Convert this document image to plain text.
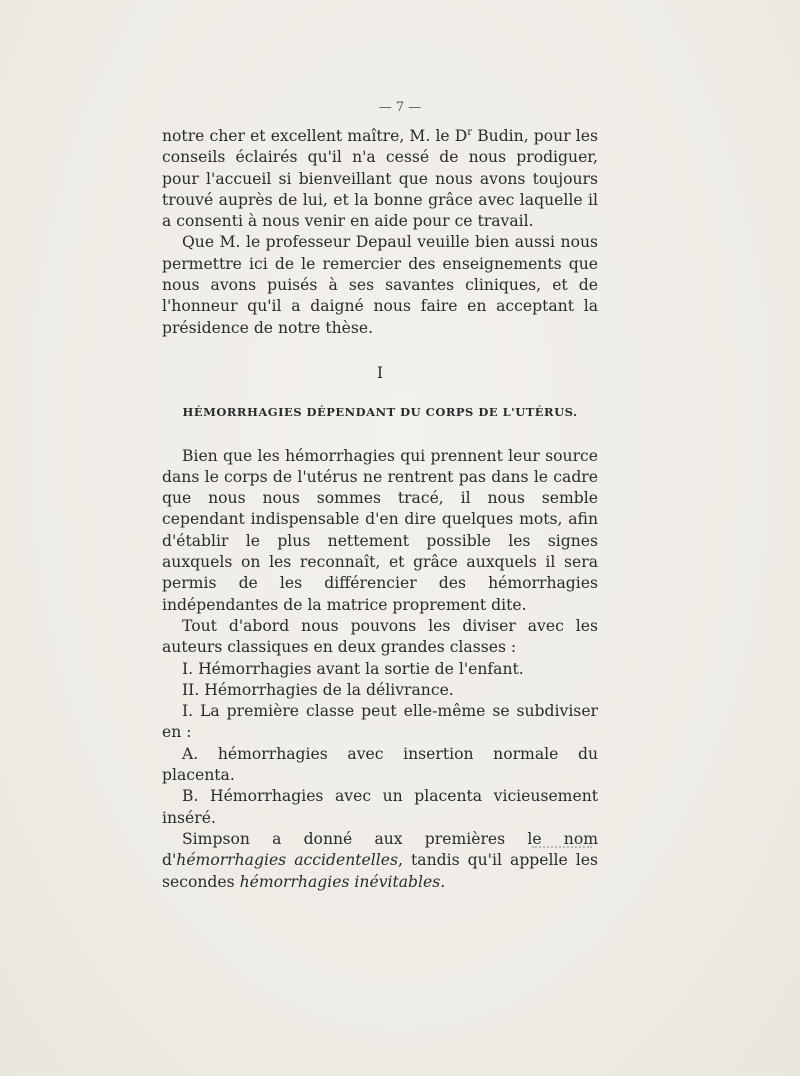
— 7 —

notre cher et excellent maître, M. le $D^r$ Budin, pour les conseils éclairés qu'il n'a cessé de nous prodiguer, pour l'accueil si bienveillant que nous avons toujours trouvé auprès de lui, et la bonne grâce avec laquelle il a consenti à nous venir en aide pour ce travail.

Que M. le professeur Depaul veuille bien aussi nous permettre ici de le remercier des enseignements que nous avons puisés à ses savantes cliniques, et de l'honneur qu'il a daigné nous faire en acceptant la présidence de notre thèse.

I
HÉMORRHAGIES DÉPENDANT DU CORPS DE L'UTÉRUS.

Bien que les hémorrhagies qui prennent leur source dans le corps de l'utérus ne rentrent pas dans le cadre que nous nous sommes tracé, il nous semble cependant indispensable d'en dire quelques mots, afin d'établir le plus nettement possible les signes auxquels on les reconnaît, et grâce auxquels il sera permis de les différencier des hémorrhagies indépendantes de la matrice proprement dite.

Tout d'abord nous pouvons les diviser avec les auteurs classiques en deux grandes classes :

I. Hémorrhagies avant la sortie de l'enfant.

II. Hémorrhagies de la délivrance.

I. La première classe peut elle-même se subdiviser en :

A. hémorrhagies avec insertion normale du placenta.

B. Hémorrhagies avec un placenta vicieusement inséré.

Simpson a donné aux premières le nom d'hémorrhagies accidentelles, tandis qu'il appelle les secondes hémorrhagies inévitables.
